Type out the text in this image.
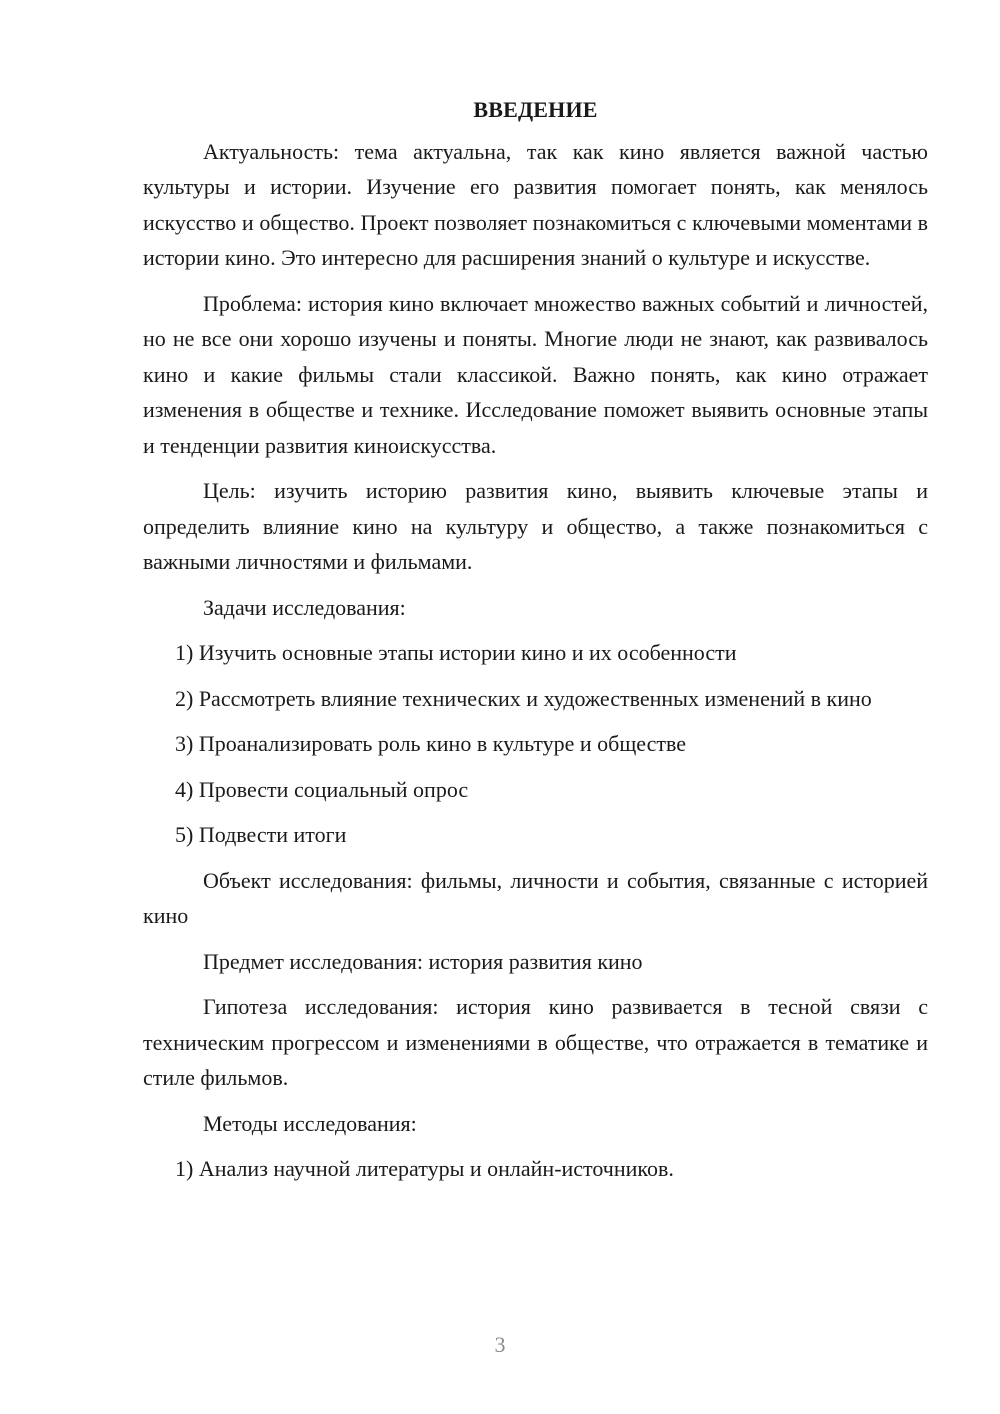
ВВЕДЕНИЕ

Актуальность: тема актуальна, так как кино является важной частью культуры и истории. Изучение его развития помогает понять, как менялось искусство и общество. Проект позволяет познакомиться с ключевыми моментами в истории кино. Это интересно для расширения знаний о культуре и искусстве.

Проблема: история кино включает множество важных событий и личностей, но не все они хорошо изучены и поняты. Многие люди не знают, как развивалось кино и какие фильмы стали классикой. Важно понять, как кино отражает изменения в обществе и технике. Исследование поможет выявить основные этапы и тенденции развития киноискусства.

Цель: изучить историю развития кино, выявить ключевые этапы и определить влияние кино на культуру и общество, а также познакомиться с важными личностями и фильмами.

Задачи исследования:

1) Изучить основные этапы истории кино и их особенности

2) Рассмотреть влияние технических и художественных изменений в кино

3) Проанализировать роль кино в культуре и обществе

4) Провести социальный опрос

5) Подвести итоги

Объект исследования: фильмы, личности и события, связанные с историей кино

Предмет исследования: история развития кино

Гипотеза исследования: история кино развивается в тесной связи с техническим прогрессом и изменениями в обществе, что отражается в тематике и стиле фильмов.

Методы исследования:

1) Анализ научной литературы и онлайн-источников.

3
